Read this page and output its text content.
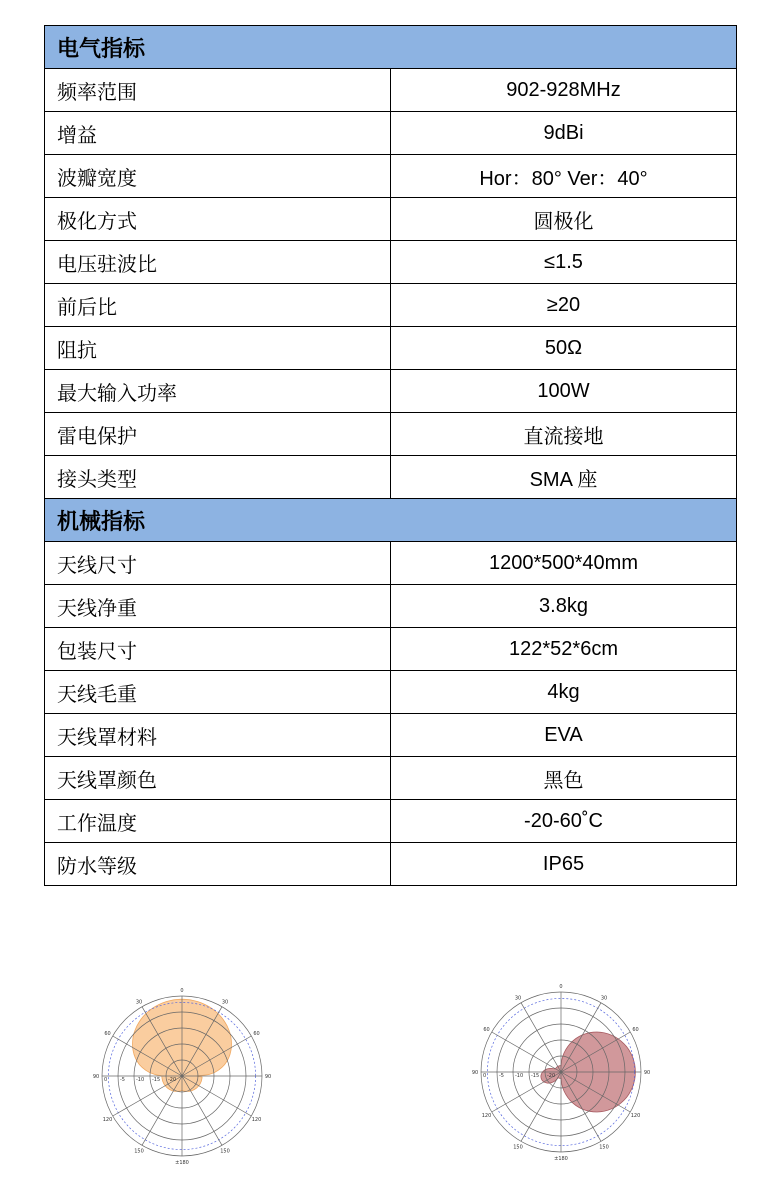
电气指标	
频率范围	902-928MHz
增益	9dBi
波瓣宽度	Hor：80° Ver：40°
极化方式	圆极化
电压驻波比	≤1.5
前后比	≥20
阻抗	50Ω
最大输入功率	100W
雷电保护	直流接地
接头类型	SMA 座
机械指标	
天线尺寸	1200*500*40mm
天线净重	3.8kg
包装尺寸	122*52*6cm
天线毛重	4kg
天线罩材料	EVA
天线罩颜色	黑色
工作温度	-20-60˚C
防水等级	IP65
0
30
60
90
120
150
±180
150
120
90
60
30
0	-5 -10 -15 -20
0
30
60
90
120
150
±180
150
120
90
60
30
0	-5 -10 -15 -20
